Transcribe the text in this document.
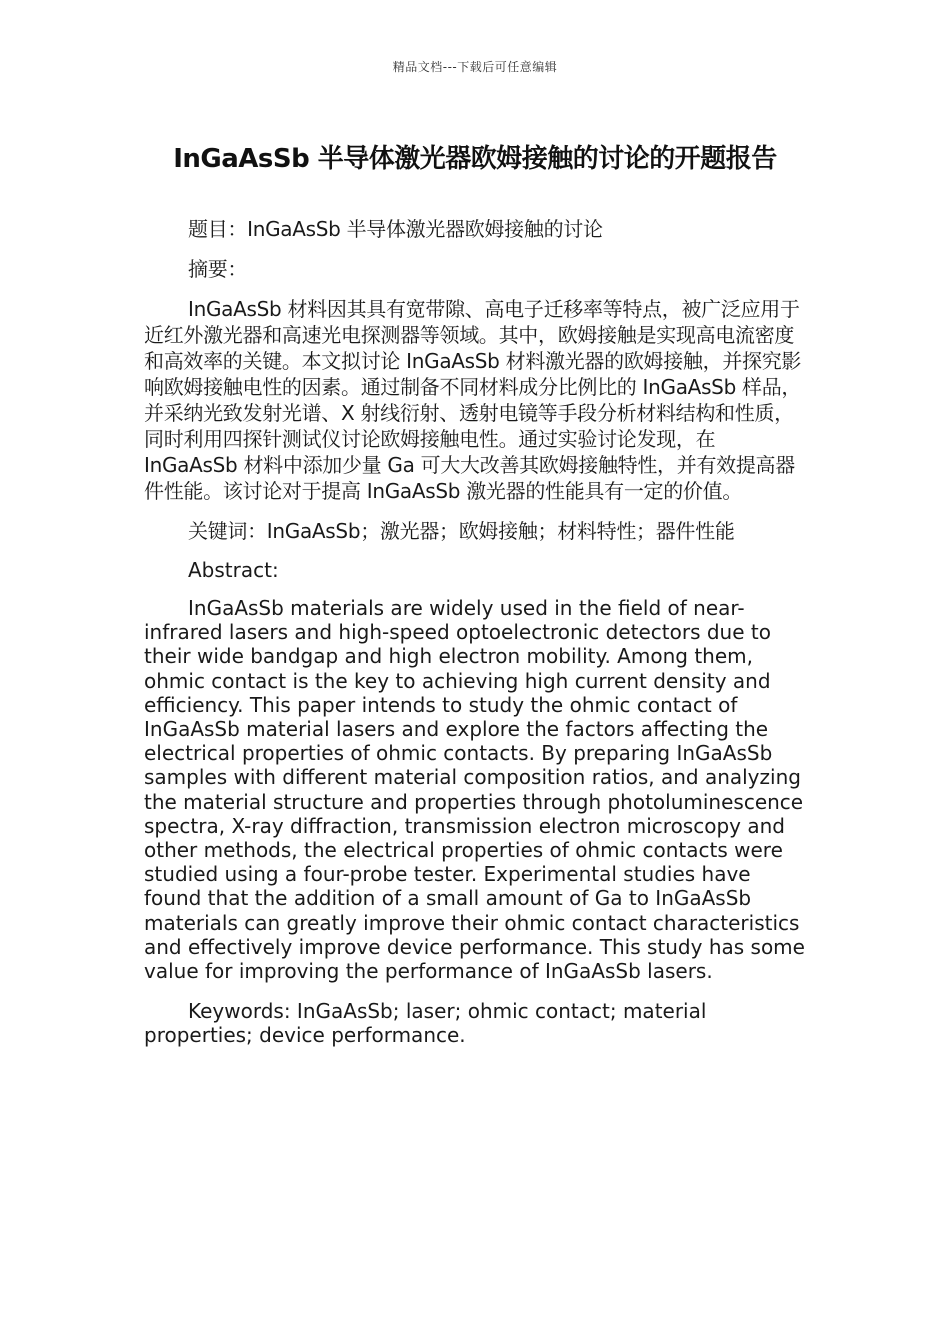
精品文档---下载后可任意编辑
InGaAsSb 半导体激光器欧姆接触的讨论的开题报告

题目：InGaAsSb 半导体激光器欧姆接触的讨论

摘要：

InGaAsSb 材料因其具有宽带隙、高电子迁移率等特点，被广泛应用于近红外激光器和高速光电探测器等领域。其中，欧姆接触是实现高电流密度和高效率的关键。本文拟讨论 InGaAsSb 材料激光器的欧姆接触，并探究影响欧姆接触电性的因素。通过制备不同材料成分比例比的 InGaAsSb 样品，并采纳光致发射光谱、X 射线衍射、透射电镜等手段分析材料结构和性质，同时利用四探针测试仪讨论欧姆接触电性。通过实验讨论发现，在 InGaAsSb 材料中添加少量 Ga 可大大改善其欧姆接触特性，并有效提高器件性能。该讨论对于提高 InGaAsSb 激光器的性能具有一定的价值。

关键词：InGaAsSb；激光器；欧姆接触；材料特性；器件性能

Abstract:

InGaAsSb materials are widely used in the field of near-infrared lasers and high-speed optoelectronic detectors due to their wide bandgap and high electron mobility. Among them, ohmic contact is the key to achieving high current density and efficiency. This paper intends to study the ohmic contact of InGaAsSb material lasers and explore the factors affecting the electrical properties of ohmic contacts. By preparing InGaAsSb samples with different material composition ratios, and analyzing the material structure and properties through photoluminescence spectra, X-ray diffraction, transmission electron microscopy and other methods, the electrical properties of ohmic contacts were studied using a four-probe tester. Experimental studies have found that the addition of a small amount of Ga to InGaAsSb materials can greatly improve their ohmic contact characteristics and effectively improve device performance. This study has some value for improving the performance of InGaAsSb lasers.

Keywords: InGaAsSb; laser; ohmic contact; material properties; device performance.
